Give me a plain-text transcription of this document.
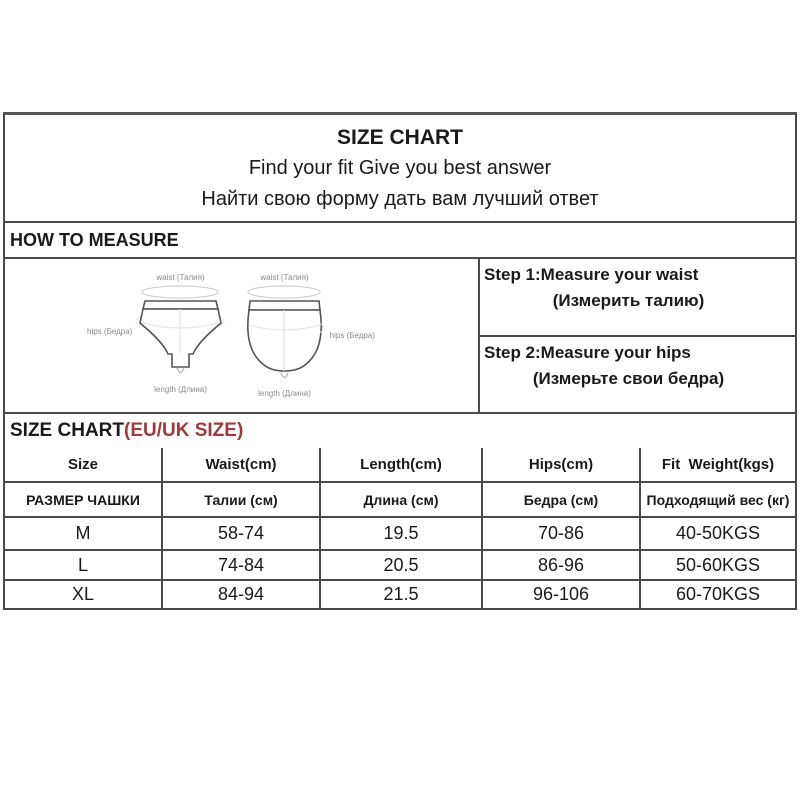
SIZE CHART
Find your fit Give you best answer
Найти свою форму дать вам лучший ответ
HOW TO MEASURE
waist (Талия)
length (Длина)
hips (Бедра)
waist (Талия)
length (Длина)
hips (Бедра)
Step 1:Measure your waist
(Измерить талию)
Step 2:Measure your hips
(Измерьте свои бедра)
SIZE CHART(EU/UK SIZE)
Size	Waist(cm)	Length(cm)	Hips(cm)	Fit  Weight(kgs)
РАЗМЕР ЧАШКИ	Талии (см)	Длина (см)	Бедра (см)	Подходящий вес (кг)
M	58-74	19.5	70-86	40-50KGS
L	74-84	20.5	86-96	50-60KGS
XL	84-94	21.5	96-106	60-70KGS
